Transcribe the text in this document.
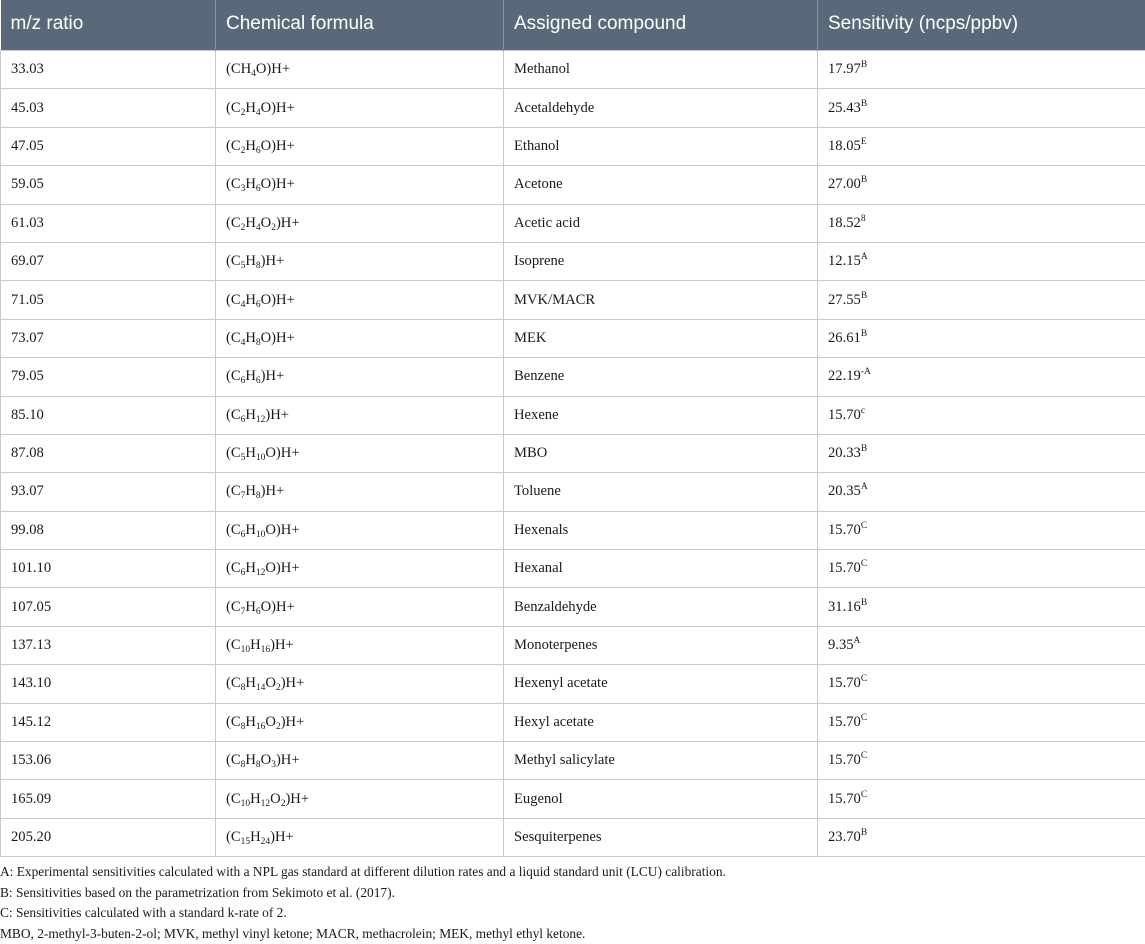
m/z ratio	Chemical formula	Assigned compound	Sensitivity (ncps/ppbv)
33.03	$(CH_4O)H+$	Methanol	$17.97^B$
45.03	$(C_2H_4O)H+$	Acetaldehyde	$25.43^B$
47.05	$(C_2H_6O)H+$	Ethanol	$18.05^E$
59.05	$(C_3H_6O)H+$	Acetone	$27.00^B$
61.03	$(C_2H_4O_2)H+$	Acetic acid	18.52$^8$
69.07	$(C_5H_8)H+$	Isoprene	$12.15^A$
71.05	$(C_4H_6O)H+$	MVK/MACR	$27.55^B$
73.07	$(C_4H_8O)H+$	MEK	$26.61^B$
79.05	$(C_6H_6)H+$	Benzene	$22.19^{-A}$
85.10	$(C_6H_{12})H+$	Hexene	15.70$^c$
87.08	$(C_5H_{10}O)H+$	MBO	$20.33^B$
93.07	$(C_7H_8)H+$	Toluene	$20.35^A$
99.08	$(C_6H_{10}O)H+$	Hexenals	$15.70^C$
101.10	$(C_6H_{12}O)H+$	Hexanal	$15.70^C$
107.05	$(C_7H_6O)H+$	Benzaldehyde	$31.16^B$
137.13	$(C_{10}H_{16})H+$	Monoterpenes	$9.35^A$
143.10	$(C_8H_{14}O_2)H+$	Hexenyl acetate	$15.70^C$
145.12	$(C_8H_{16}O_2)H+$	Hexyl acetate	$15.70^C$
153.06	$(C_8H_8O_3)H+$	Methyl salicylate	$15.70^C$
165.09	$(C_{10}H_{12}O_2)H+$	Eugenol	$15.70^C$
205.20	$(C_{15}H_{24})H+$	Sesquiterpenes	$23.70^B$

A: Experimental sensitivities calculated with a NPL gas standard at different dilution rates and a liquid standard unit (LCU) calibration.

B: Sensitivities based on the parametrization from Sekimoto et al. (2017).

C: Sensitivities calculated with a standard k-rate of 2.

MBO, 2-methyl-3-buten-2-ol; MVK, methyl vinyl ketone; MACR, methacrolein; MEK, methyl ethyl ketone.
